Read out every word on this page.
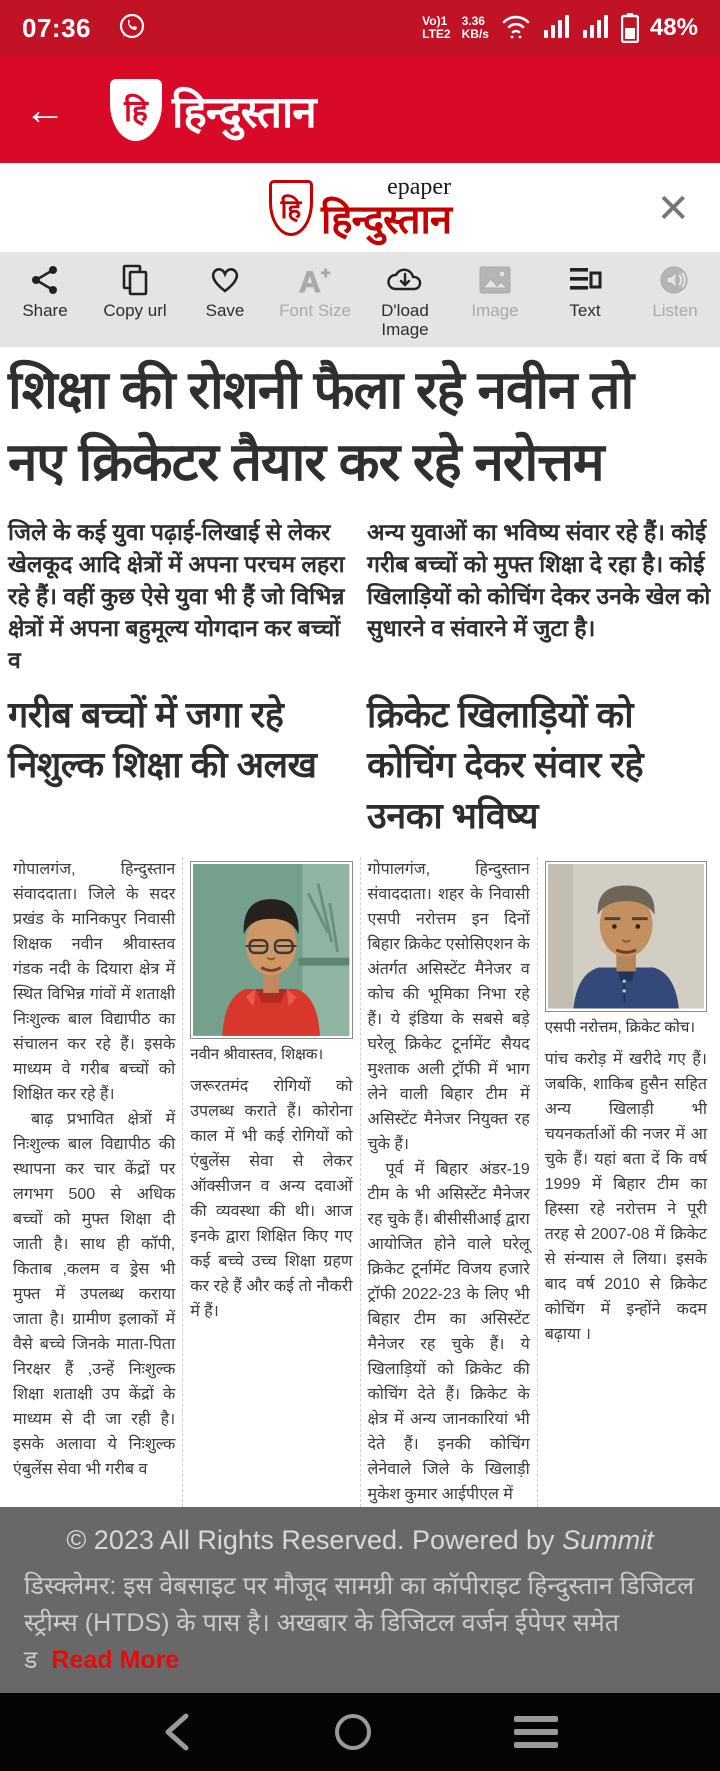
07:36	Vo)1
LTE2
3.36
KB/s	48%
←	हि हिन्दुस्तान
हि
epaper
हिन्दुस्तान	✕
Share Copy url Save
A +
Font Size	D'load Image
Image	Text	Listen
शिक्षा की रोशनी फैला रहे नवीन तो
नए क्रिकेटर तैयार कर रहे नरोत्तम
जिले के कई युवा पढ़ाई-लिखाई से लेकर खेलकूद आदि क्षेत्रों में अपना परचम लहरा रहे हैं। वहीं कुछ ऐसे युवा भी हैं जो विभिन्न क्षेत्रों में अपना बहुमूल्य योगदान कर बच्चों व
अन्य युवाओं का भविष्य संवार रहे हैं। कोई गरीब बच्चों को मुफ्त शिक्षा दे रहा है। कोई खिलाड़ियों को कोचिंग देकर उनके खेल को सुधारने व संवारने में जुटा है।
गरीब बच्चों में जगा रहे निशुल्क शिक्षा की अलख
क्रिकेट खिलाड़ियों को कोचिंग देकर संवार रहे उनका भविष्य

गोपालगंज, हिन्दुस्तान संवाददाता। जिले के सदर प्रखंड के मानिकपुर निवासी शिक्षक नवीन श्रीवास्तव गंडक नदी के दियारा क्षेत्र में स्थित विभिन्न गांवों में शताक्षी निःशुल्क बाल विद्यापीठ का संचालन कर रहे हैं। इसके माध्यम वे गरीब बच्चों को शिक्षित कर रहे हैं।

बाढ़ प्रभावित क्षेत्रों में निःशुल्क बाल विद्यापीठ की स्थापना कर चार केंद्रों पर लगभग 500 से अधिक बच्चों को मुफ्त शिक्षा दी जाती है। साथ ही कॉपी, किताब ,कलम व ड्रेस भी मुफ्त में उपलब्ध कराया जाता है। ग्रामीण इलाकों में वैसे बच्चे जिनके माता-पिता निरक्षर हैं ,उन्हें निःशुल्क शिक्षा शताक्षी उप केंद्रों के माध्यम से दी जा रही है। इसके अलावा ये निःशुल्क एंबुलेंस सेवा भी गरीब व

नवीन श्रीवास्तव, शिक्षक।

जरूरतमंद रोगियों को उपलब्ध कराते हैं। कोरोना काल में भी कई रोगियों को एंबुलेंस सेवा से लेकर ऑक्सीजन व अन्य दवाओं की व्यवस्था की थी। आज इनके द्वारा शिक्षित किए गए कई बच्चे उच्च शिक्षा ग्रहण कर रहे हैं और कई तो नौकरी में हैं।

गोपालगंज, हिन्दुस्तान संवाददाता। शहर के निवासी एसपी नरोत्तम इन दिनों बिहार क्रिकेट एसोसिएशन के अंतर्गत असिस्टेंट मैनेजर व कोच की भूमिका निभा रहे हैं। ये इंडिया के सबसे बड़े घरेलू क्रिकेट टूर्नामेंट सैयद मुश्ताक अली ट्रॉफी में भाग लेने वाली बिहार टीम में असिस्टेंट मैनेजर नियुक्त रह चुके हैं।

पूर्व में बिहार अंडर-19 टीम के भी असिस्टेंट मैनेजर रह चुके हैं। बीसीसीआई द्वारा आयोजित होने वाले घरेलू क्रिकेट टूर्नामेंट विजय हजारे ट्रॉफी 2022-23 के लिए भी बिहार टीम का असिस्टेंट मैनेजर रह चुके हैं। ये खिलाड़ियों को क्रिकेट की कोचिंग देते हैं। क्रिकेट के क्षेत्र में अन्य जानकारियां भी देते हैं। इनकी कोचिंग लेनेवाले जिले के खिलाड़ी मुकेश कुमार आईपीएल में

एसपी नरोत्तम, क्रिकेट कोच।

पांच करोड़ में खरीदे गए हैं। जबकि, शाकिब हुसैन सहित अन्य खिलाड़ी भी चयनकर्ताओं की नजर में आ चुके हैं। यहां बता दें कि वर्ष 1999 में बिहार टीम का हिस्सा रहे नरोत्तम ने पूरी तरह से 2007-08 में क्रिकेट से संन्यास ले लिया। इसके बाद वर्ष 2010 से क्रिकेट कोचिंग में इन्होंने कदम बढ़ाया ।

© 2023 All Rights Reserved. Powered by Summit
डिस्क्लेमर: इस वेबसाइट पर मौजूद सामग्री का कॉपीराइट हिन्दुस्तान डिजिटल स्ट्रीम्स (HTDS) के पास है। अखबार के डिजिटल वर्जन ईपेपर समेत ड Read More
